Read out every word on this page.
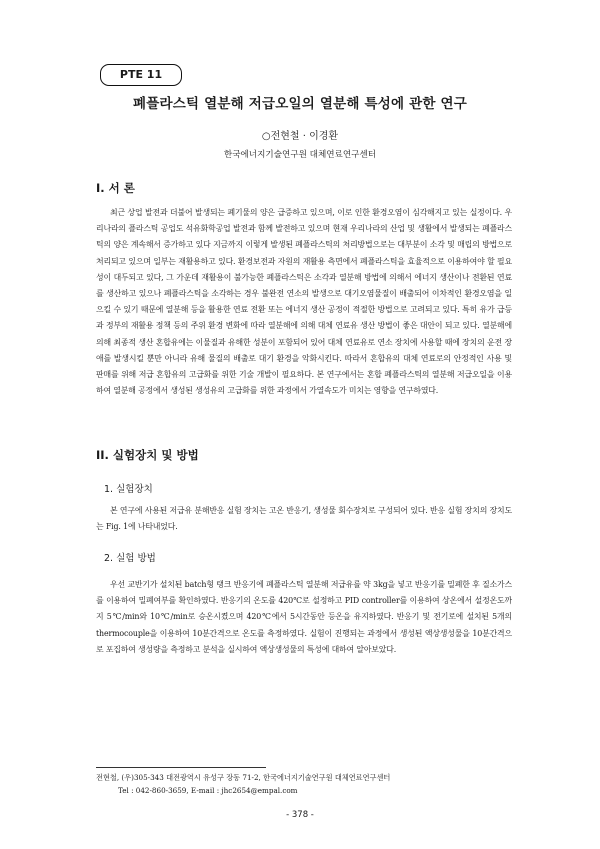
PTE 11
폐플라스틱 열분해 저급오일의 열분해 특성에 관한 연구
○전현철 · 이경환
한국에너지기술연구원 대체연료연구센터
I. 서 론
최근 상업 발전과 더불어 발생되는 폐기물의 양은 급증하고 있으며, 이로 인한 환경오염이 심각해지고 있는 실정이다. 우리나라의 플라스틱 공업도 석유화학공업 발전과 함께 발전하고 있으며 현재 우리나라의 산업 및 생활에서 발생되는 폐플라스틱의 양은 계속해서 증가하고 있다 지금까지 이렇게 발생된 폐플라스틱의 처리방법으로는 대부분이 소각 및 매립의 방법으로 처리되고 있으며 일부는 재활용하고 있다. 환경보전과 자원의 재활용 측면에서 폐플라스틱을 효율적으로 이용하여야 할 필요성이 대두되고 있다, 그 가운데 재활용이 불가능한 폐플라스틱은 소각과 열분해 방법에 의해서 에너지 생산이나 전환된 연료를 생산하고 있으나 폐플라스틱을 소각하는 경우 불완전 연소의 발생으로 대기오염물질이 배출되어 이차적인 환경오염을 일으킬 수 있기 때문에 열분해 등을 활용한 연료 전환 또는 에너지 생산 공정이 적절한 방법으로 고려되고 있다. 특히 유가 급등과 정부의 재활용 정책 등의 주위 환경 변화에 따라 열분해에 의해 대체 연료유 생산 방법이 좋은 대안이 되고 있다. 열분해에 의해 최종적 생산 혼합유에는 이물질과 유해한 성분이 포함되어 있어 대체 연료유로 연소 장치에 사용할 때에 장치의 운전 장애를 발생시킬 뿐만 아니라 유해 물질의 배출로 대기 환경을 악화시킨다. 따라서 혼합유의 대체 연료로의 안정적인 사용 및 판매를 위해 저급 혼합유의 고급화를 위한 기술 개발이 필요하다. 본 연구에서는 혼합 폐플라스틱의 열분해 저급오일을 이용하여 열분해 공정에서 생성된 생성유의 고급화를 위한 과정에서 가열속도가 미치는 영향을 연구하였다.
II. 실험장치 및 방법
1. 실험장치
본 연구에 사용된 저급유 분해반응 실험 장치는 고온 반응기, 생성물 회수장치로 구성되어 있다. 반응 실험 장치의 장치도는 Fig. 1에 나타내었다.
2. 실험 방법
우선 교반기가 설치된 batch형 탱크 반응기에 폐플라스틱 열분해 저급유를 약 3kg을 넣고 반응기를 밀폐한 후 질소가스를 이용하여 밀폐여부를 확인하였다. 반응기의 온도를 420℃로 설정하고 PID controller를 이용하여 상온에서 설정온도까지 5℃/min와 10℃/min로 승온시켰으며 420℃에서 5시간동안 등온을 유지하였다. 반응기 및 전기로에 설치된 5개의 thermocouple을 이용하여 10분간격으로 온도를 측정하였다. 실험이 진행되는 과정에서 생성된 액상생성물을 10분간격으로 포집하여 생성량을 측정하고 분석을 실시하여 액상생성물의 특성에 대하여 알아보았다.
전현철, (우)305-343 대전광역시 유성구 장동 71-2, 한국에너지기술연구원 대체연료연구센터
Tel : 042-860-3659, E-mail : jhc2654@empal.com
- 378 -
